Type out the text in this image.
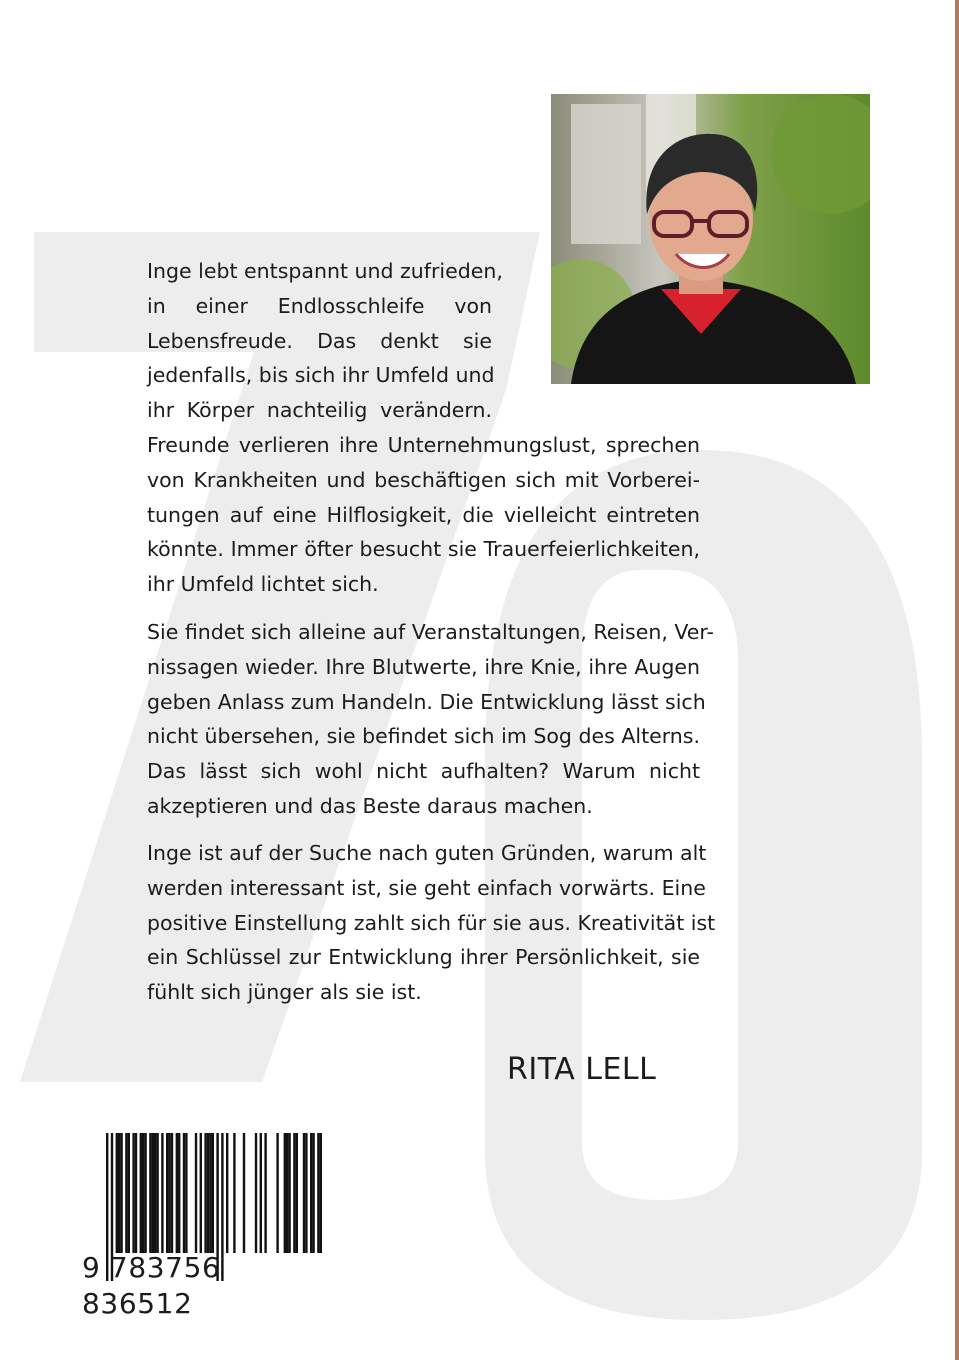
Inge lebt entspannt und zufrieden,
in einer Endlosschleife von
Lebensfreude. Das denkt sie
jedenfalls, bis sich ihr Umfeld und
ihr Körper nachteilig verändern.
Freunde verlieren ihre Unternehmungslust, sprechen
von Krankheiten und beschäftigen sich mit Vorberei-
tungen auf eine Hilflosigkeit, die vielleicht eintreten
könnte. Immer öfter besucht sie Trauerfeierlichkeiten,
ihr Umfeld lichtet sich.

Sie findet sich alleine auf Veranstaltungen, Reisen, Ver-
nissagen wieder. Ihre Blutwerte, ihre Knie, ihre Augen
geben Anlass zum Handeln. Die Entwicklung lässt sich
nicht übersehen, sie befindet sich im Sog des Alterns.
Das lässt sich wohl nicht aufhalten? Warum nicht
akzeptieren und das Beste daraus machen.

Inge ist auf der Suche nach guten Gründen, warum alt
werden interessant ist, sie geht einfach vorwärts. Eine
positive Einstellung zahlt sich für sie aus. Kreativität ist
ein Schlüssel zur Entwicklung ihrer Persönlichkeit, sie
fühlt sich jünger als sie ist.

RITA LELL
9 783756 836512
